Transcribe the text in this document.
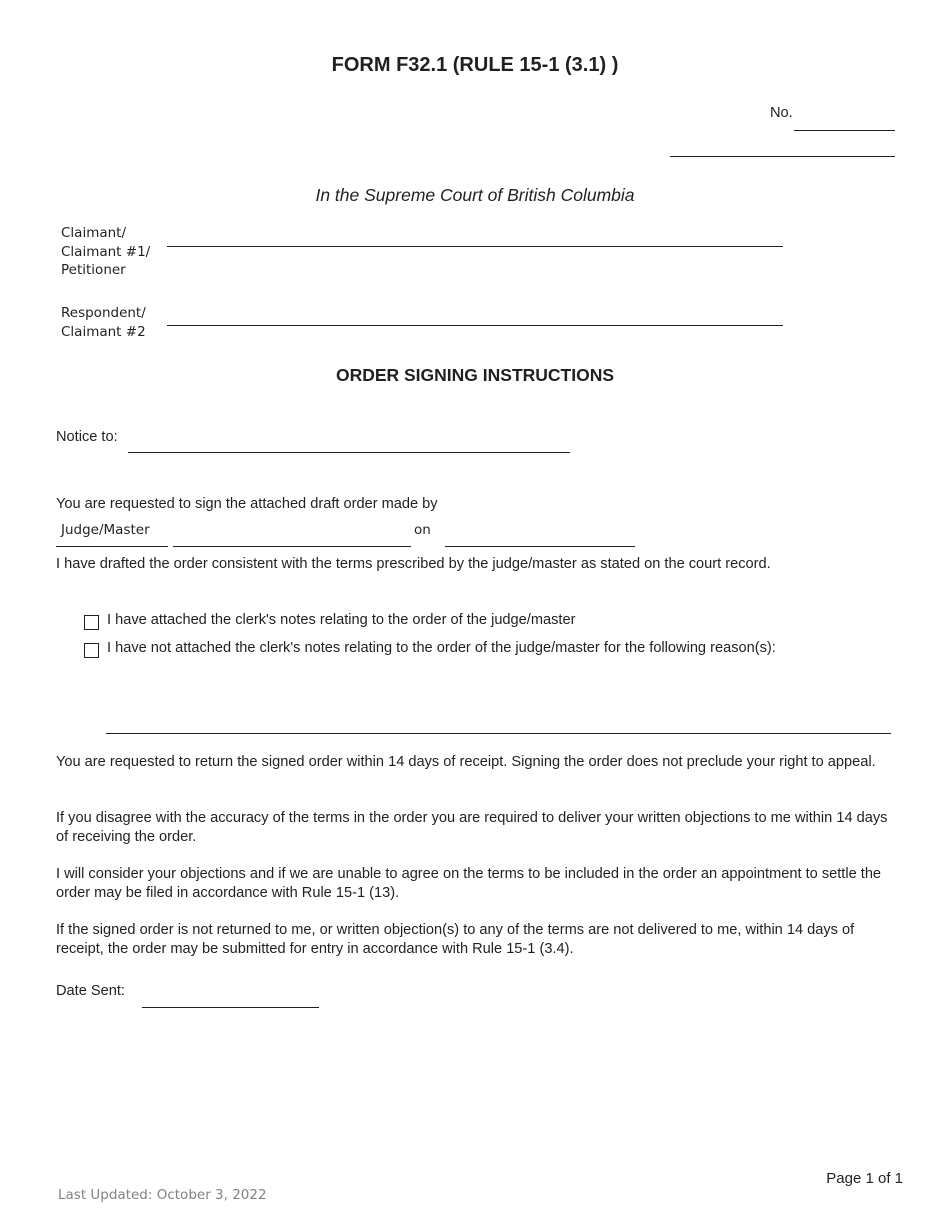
FORM F32.1 (RULE 15-1 (3.1) )
No.
In the Supreme Court of British Columbia
Claimant/
Claimant #1/
Petitioner
Respondent/
Claimant #2
ORDER SIGNING INSTRUCTIONS
Notice to:
You are requested to sign the attached draft order made by
Judge/Master	on
I have drafted the order consistent with the terms prescribed by the judge/master as stated on the court record.
I have attached the clerk's notes relating to the order of the judge/master
I have not attached the clerk's notes relating to the order of the judge/master for the following reason(s):
You are requested to return the signed order within 14 days of receipt. Signing the order does not preclude your right to appeal.
If you disagree with the accuracy of the terms in the order you are required to deliver your written objections to me within 14 days of receiving the order.
I will consider your objections and if we are unable to agree on the terms to be included in the order an appointment to settle the order may be filed in accordance with Rule 15-1 (13).
If the signed order is not returned to me, or written objection(s) to any of the terms are not delivered to me, within 14 days of receipt, the order may be submitted for entry in accordance with Rule 15-1 (3.4).
Date Sent:
Page 1 of 1
Last Updated: October 3, 2022
